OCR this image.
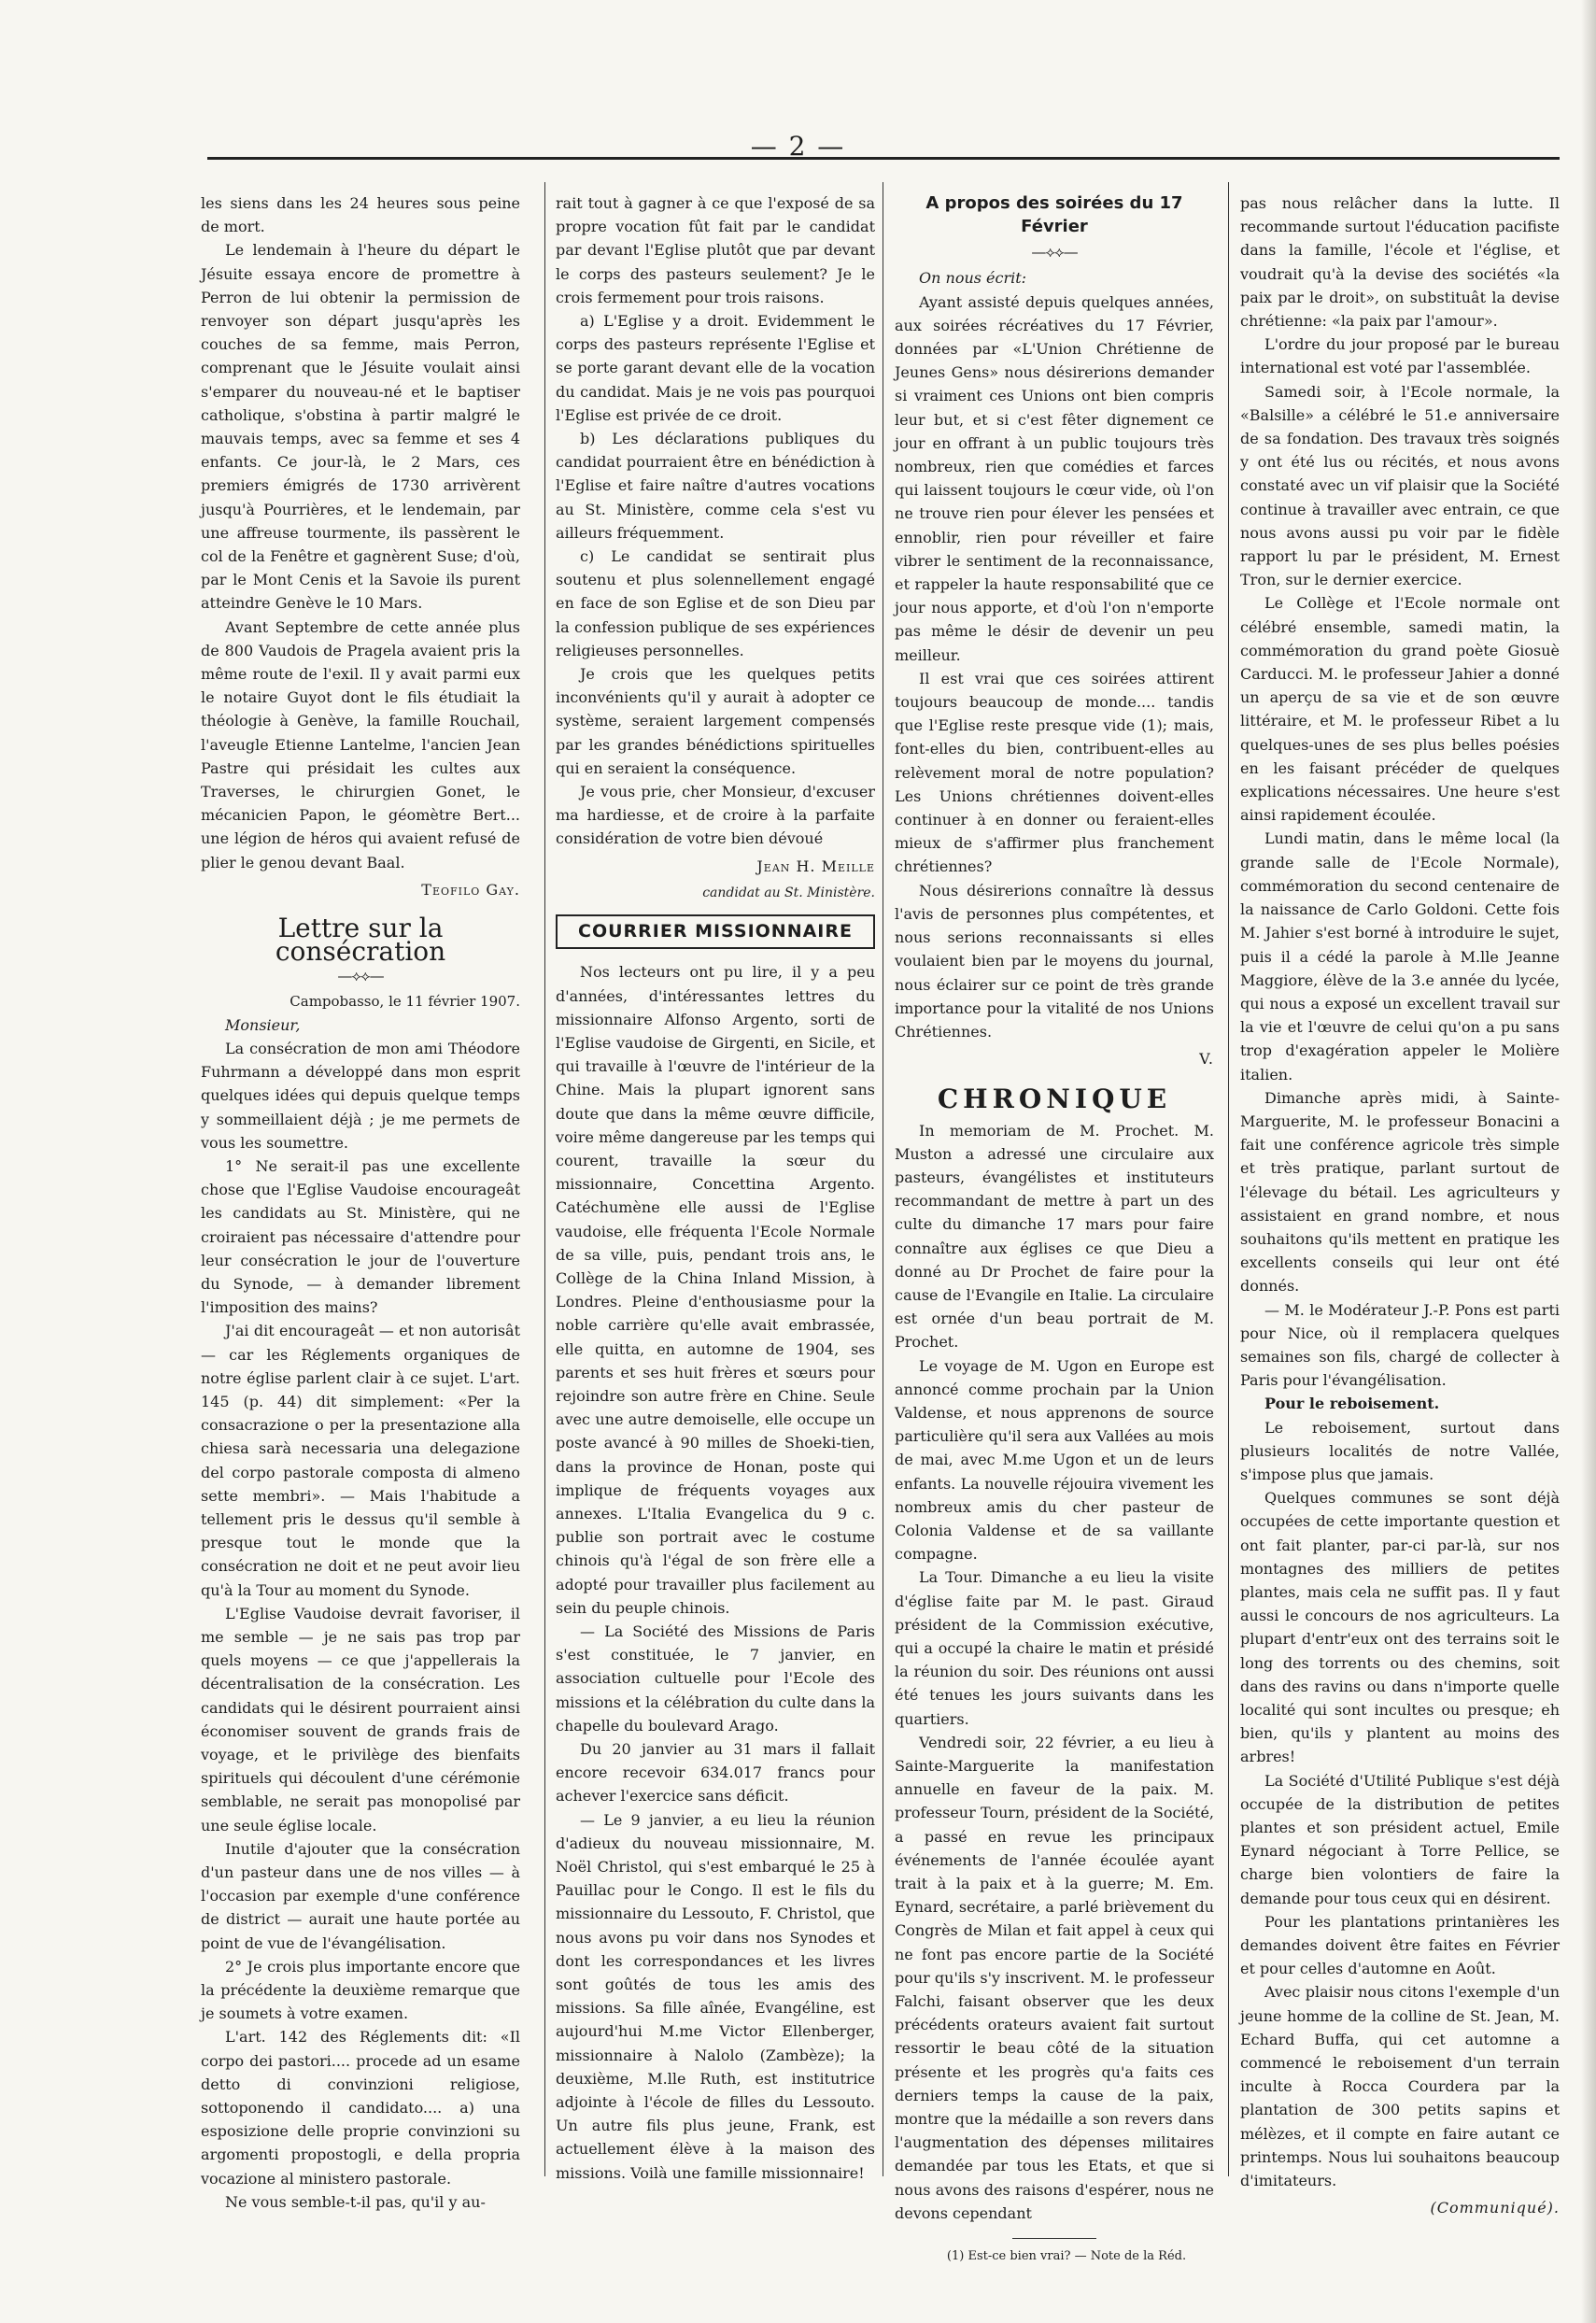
— 2 —

les siens dans les 24 heures sous peine de mort.

Le lendemain à l'heure du départ le Jésuite essaya encore de promettre à Perron de lui obtenir la permission de renvoyer son départ jusqu'après les couches de sa femme, mais Perron, comprenant que le Jésuite voulait ainsi s'emparer du nouveau-né et le baptiser catholique, s'obstina à partir malgré le mauvais temps, avec sa femme et ses 4 enfants. Ce jour-là, le 2 Mars, ces premiers émigrés de 1730 arrivèrent jusqu'à Pourrières, et le lendemain, par une affreuse tourmente, ils passèrent le col de la Fenêtre et gagnèrent Suse; d'où, par le Mont Cenis et la Savoie ils purent atteindre Genève le 10 Mars.

Avant Septembre de cette année plus de 800 Vaudois de Pragela avaient pris la même route de l'exil. Il y avait parmi eux le notaire Guyot dont le fils étudiait la théologie à Genève, la famille Rouchail, l'aveugle Etienne Lantelme, l'ancien Jean Pastre qui présidait les cultes aux Traverses, le chirurgien Gonet, le mécanicien Papon, le géomètre Bert... une légion de héros qui avaient refusé de plier le genou devant Baal.

Teofilo Gay.
Lettre sur la consécration
—⟡⟡—
Campobasso, le 11 février 1907.

Monsieur,

La consécration de mon ami Théodore Fuhrmann a développé dans mon esprit quelques idées qui depuis quelque temps y sommeillaient déjà ; je me permets de vous les soumettre.

1° Ne serait-il pas une excellente chose que l'Eglise Vaudoise encourageât les candidats au St. Ministère, qui ne croiraient pas nécessaire d'attendre pour leur consécration le jour de l'ouverture du Synode, — à demander librement l'imposition des mains?

J'ai dit encourageât — et non autorisât — car les Réglements organiques de notre église parlent clair à ce sujet. L'art. 145 (p. 44) dit simplement: «Per la consacrazione o per la presentazione alla chiesa sarà necessaria una delegazione del corpo pastorale composta di almeno sette membri». — Mais l'habitude a tellement pris le dessus qu'il semble à presque tout le monde que la consécration ne doit et ne peut avoir lieu qu'à la Tour au moment du Synode.

L'Eglise Vaudoise devrait favoriser, il me semble — je ne sais pas trop par quels moyens — ce que j'appellerais la décentralisation de la consécration. Les candidats qui le désirent pourraient ainsi économiser souvent de grands frais de voyage, et le privilège des bienfaits spirituels qui découlent d'une cérémonie semblable, ne serait pas monopolisé par une seule église locale.

Inutile d'ajouter que la consécration d'un pasteur dans une de nos villes — à l'occasion par exemple d'une conférence de district — aurait une haute portée au point de vue de l'évangélisation.

2° Je crois plus importante encore que la précédente la deuxième remarque que je soumets à votre examen.

L'art. 142 des Réglements dit: «Il corpo dei pastori.... procede ad un esame detto di convinzioni religiose, sottoponendo il candidato.... a) una esposizione delle proprie convinzioni su argomenti propostogli, e della propria vocazione al ministero pastorale.

Ne vous semble-t-il pas, qu'il y au-

rait tout à gagner à ce que l'exposé de sa propre vocation fût fait par le candidat par devant l'Eglise plutôt que par devant le corps des pasteurs seulement? Je le crois fermement pour trois raisons.

a) L'Eglise y a droit. Evidemment le corps des pasteurs représente l'Eglise et se porte garant devant elle de la vocation du candidat. Mais je ne vois pas pourquoi l'Eglise est privée de ce droit.

b) Les déclarations publiques du candidat pourraient être en bénédiction à l'Eglise et faire naître d'autres vocations au St. Ministère, comme cela s'est vu ailleurs fréquemment.

c) Le candidat se sentirait plus soutenu et plus solennellement engagé en face de son Eglise et de son Dieu par la confession publique de ses expériences religieuses personnelles.

Je crois que les quelques petits inconvénients qu'il y aurait à adopter ce système, seraient largement compensés par les grandes bénédictions spirituelles qui en seraient la conséquence.

Je vous prie, cher Monsieur, d'excuser ma hardiesse, et de croire à la parfaite considération de votre bien dévoué

Jean H. Meille

candidat au St. Ministère.

COURRIER MISSIONNAIRE

Nos lecteurs ont pu lire, il y a peu d'années, d'intéressantes lettres du missionnaire Alfonso Argento, sorti de l'Eglise vaudoise de Girgenti, en Sicile, et qui travaille à l'œuvre de l'intérieur de la Chine. Mais la plupart ignorent sans doute que dans la même œuvre difficile, voire même dangereuse par les temps qui courent, travaille la sœur du missionnaire, Concettina Argento. Catéchumène elle aussi de l'Eglise vaudoise, elle fréquenta l'Ecole Normale de sa ville, puis, pendant trois ans, le Collège de la China Inland Mission, à Londres. Pleine d'enthousiasme pour la noble carrière qu'elle avait embrassée, elle quitta, en automne de 1904, ses parents et ses huit frères et sœurs pour rejoindre son autre frère en Chine. Seule avec une autre demoiselle, elle occupe un poste avancé à 90 milles de Shoeki-tien, dans la province de Honan, poste qui implique de fréquents voyages aux annexes. L'Italia Evangelica du 9 c. publie son portrait avec le costume chinois qu'à l'égal de son frère elle a adopté pour travailler plus facilement au sein du peuple chinois.

— La Société des Missions de Paris s'est constituée, le 7 janvier, en association cultuelle pour l'Ecole des missions et la célébration du culte dans la chapelle du boulevard Arago.

Du 20 janvier au 31 mars il fallait encore recevoir 634.017 francs pour achever l'exercice sans déficit.

— Le 9 janvier, a eu lieu la réunion d'adieux du nouveau missionnaire, M. Noël Christol, qui s'est embarqué le 25 à Pauillac pour le Congo. Il est le fils du missionnaire du Lessouto, F. Christol, que nous avons pu voir dans nos Synodes et dont les correspondances et les livres sont goûtés de tous les amis des missions. Sa fille aînée, Evangéline, est aujourd'hui M.me Victor Ellenberger, missionnaire à Nalolo (Zambèze); la deuxième, M.lle Ruth, est institutrice adjointe à l'école de filles du Lessouto. Un autre fils plus jeune, Frank, est actuellement élève à la maison des missions. Voilà une famille missionnaire!

A propos des soirées du 17 Février
—⟡⟡—

On nous écrit:

Ayant assisté depuis quelques années, aux soirées récréatives du 17 Février, données par «L'Union Chrétienne de Jeunes Gens» nous désirerions demander si vraiment ces Unions ont bien compris leur but, et si c'est fêter dignement ce jour en offrant à un public toujours très nombreux, rien que comédies et farces qui laissent toujours le cœur vide, où l'on ne trouve rien pour élever les pensées et ennoblir, rien pour réveiller et faire vibrer le sentiment de la reconnaissance, et rappeler la haute responsabilité que ce jour nous apporte, et d'où l'on n'emporte pas même le désir de devenir un peu meilleur.

Il est vrai que ces soirées attirent toujours beaucoup de monde.... tandis que l'Eglise reste presque vide (1); mais, font-elles du bien, contribuent-elles au relèvement moral de notre population? Les Unions chrétiennes doivent-elles continuer à en donner ou feraient-elles mieux de s'affirmer plus franchement chrétiennes?

Nous désirerions connaître là dessus l'avis de personnes plus compétentes, et nous serions reconnaissants si elles voulaient bien par le moyens du journal, nous éclairer sur ce point de très grande importance pour la vitalité de nos Unions Chrétiennes.

V.
CHRONIQUE

In memoriam de M. Prochet. M. Muston a adressé une circulaire aux pasteurs, évangélistes et instituteurs recommandant de mettre à part un des culte du dimanche 17 mars pour faire connaître aux églises ce que Dieu a donné au Dr Prochet de faire pour la cause de l'Evangile en Italie. La circulaire est ornée d'un beau portrait de M. Prochet.

Le voyage de M. Ugon en Europe est annoncé comme prochain par la Union Valdense, et nous apprenons de source particulière qu'il sera aux Vallées au mois de mai, avec M.me Ugon et un de leurs enfants. La nouvelle réjouira vivement les nombreux amis du cher pasteur de Colonia Valdense et de sa vaillante compagne.

La Tour. Dimanche a eu lieu la visite d'église faite par M. le past. Giraud président de la Commission exécutive, qui a occupé la chaire le matin et présidé la réunion du soir. Des réunions ont aussi été tenues les jours suivants dans les quartiers.

Vendredi soir, 22 février, a eu lieu à Sainte-Marguerite la manifestation annuelle en faveur de la paix. M. professeur Tourn, président de la Société, a passé en revue les principaux événements de l'année écoulée ayant trait à la paix et à la guerre; M. Em. Eynard, secrétaire, a parlé brièvement du Congrès de Milan et fait appel à ceux qui ne font pas encore partie de la Société pour qu'ils s'y inscrivent. M. le professeur Falchi, faisant observer que les deux précédents orateurs avaient fait surtout ressortir le beau côté de la situation présente et les progrès qu'a faits ces derniers temps la cause de la paix, montre que la médaille a son revers dans l'augmentation des dépenses militaires demandée par tous les Etats, et que si nous avons des raisons d'espérer, nous ne devons cependant

(1) Est-ce bien vrai? — Note de la Réd.

pas nous relâcher dans la lutte. Il recommande surtout l'éducation pacifiste dans la famille, l'école et l'église, et voudrait qu'à la devise des sociétés «la paix par le droit», on substituât la devise chrétienne: «la paix par l'amour».

L'ordre du jour proposé par le bureau international est voté par l'assemblée.

Samedi soir, à l'Ecole normale, la «Balsille» a célébré le 51.e anniversaire de sa fondation. Des travaux très soignés y ont été lus ou récités, et nous avons constaté avec un vif plaisir que la Société continue à travailler avec entrain, ce que nous avons aussi pu voir par le fidèle rapport lu par le président, M. Ernest Tron, sur le dernier exercice.

Le Collège et l'Ecole normale ont célébré ensemble, samedi matin, la commémoration du grand poète Giosuè Carducci. M. le professeur Jahier a donné un aperçu de sa vie et de son œuvre littéraire, et M. le professeur Ribet a lu quelques-unes de ses plus belles poésies en les faisant précéder de quelques explications nécessaires. Une heure s'est ainsi rapidement écoulée.

Lundi matin, dans le même local (la grande salle de l'Ecole Normale), commémoration du second centenaire de la naissance de Carlo Goldoni. Cette fois M. Jahier s'est borné à introduire le sujet, puis il a cédé la parole à M.lle Jeanne Maggiore, élève de la 3.e année du lycée, qui nous a exposé un excellent travail sur la vie et l'œuvre de celui qu'on a pu sans trop d'exagération appeler le Molière italien.

Dimanche après midi, à Sainte-Marguerite, M. le professeur Bonacini a fait une conférence agricole très simple et très pratique, parlant surtout de l'élevage du bétail. Les agriculteurs y assistaient en grand nombre, et nous souhaitons qu'ils mettent en pratique les excellents conseils qui leur ont été donnés.

— M. le Modérateur J.-P. Pons est parti pour Nice, où il remplacera quelques semaines son fils, chargé de collecter à Paris pour l'évangélisation.

Pour le reboisement.

Le reboisement, surtout dans plusieurs localités de notre Vallée, s'impose plus que jamais.

Quelques communes se sont déjà occupées de cette importante question et ont fait planter, par-ci par-là, sur nos montagnes des milliers de petites plantes, mais cela ne suffit pas. Il y faut aussi le concours de nos agriculteurs. La plupart d'entr'eux ont des terrains soit le long des torrents ou des chemins, soit dans des ravins ou dans n'importe quelle localité qui sont incultes ou presque; eh bien, qu'ils y plantent au moins des arbres!

La Société d'Utilité Publique s'est déjà occupée de la distribution de petites plantes et son président actuel, Emile Eynard négociant à Torre Pellice, se charge bien volontiers de faire la demande pour tous ceux qui en désirent.

Pour les plantations printanières les demandes doivent être faites en Février et pour celles d'automne en Août.

Avec plaisir nous citons l'exemple d'un jeune homme de la colline de St. Jean, M. Echard Buffa, qui cet automne a commencé le reboisement d'un terrain inculte à Rocca Courdera par la plantation de 300 petits sapins et mélèzes, et il compte en faire autant ce printemps. Nous lui souhaitons beaucoup d'imitateurs.

(Communiqué).
